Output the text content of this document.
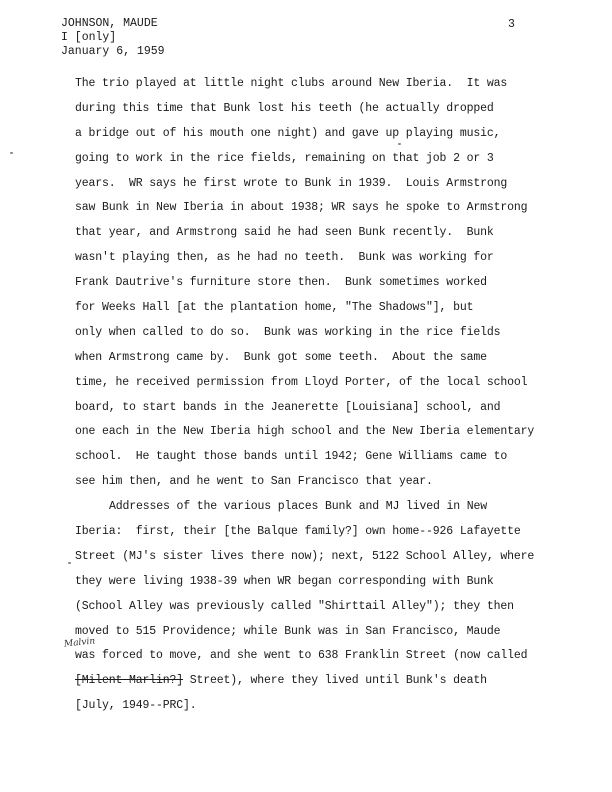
JOHNSON, MAUDE
I [only]
January 6, 1959
3
The trio played at little night clubs around New Iberia.  It was
during this time that Bunk lost his teeth (he actually dropped
a bridge out of his mouth one night) and gave up playing music,
going to work in the rice fields, remaining on that job 2 or 3
years.  WR says he first wrote to Bunk in 1939.  Louis Armstrong
saw Bunk in New Iberia in about 1938; WR says he spoke to Armstrong
that year, and Armstrong said he had seen Bunk recently.  Bunk
wasn't playing then, as he had no teeth.  Bunk was working for
Frank Dautrive's furniture store then.  Bunk sometimes worked
for Weeks Hall [at the plantation home, "The Shadows"], but
only when called to do so.  Bunk was working in the rice fields
when Armstrong came by.  Bunk got some teeth.  About the same
time, he received permission from Lloyd Porter, of the local school
board, to start bands in the Jeanerette [Louisiana] school, and
one each in the New Iberia high school and the New Iberia elementary
school.  He taught those bands until 1942; Gene Williams came to
see him then, and he went to San Francisco that year.
Addresses of the various places Bunk and MJ lived in New
Iberia:  first, their [the Balque family?] own home--926 Lafayette
Street (MJ's sister lives there now); next, 5122 School Alley, where
they were living 1938-39 when WR began corresponding with Bunk
(School Alley was previously called "Shirttail Alley"); they then
moved to 515 Providence; while Bunk was in San Francisco, Maude
was forced to move, and she went to 638 Franklin Street (now called
[Milent Marlin?] Street), where they lived until Bunk's death
[July, 1949--PRC].
Malvin
